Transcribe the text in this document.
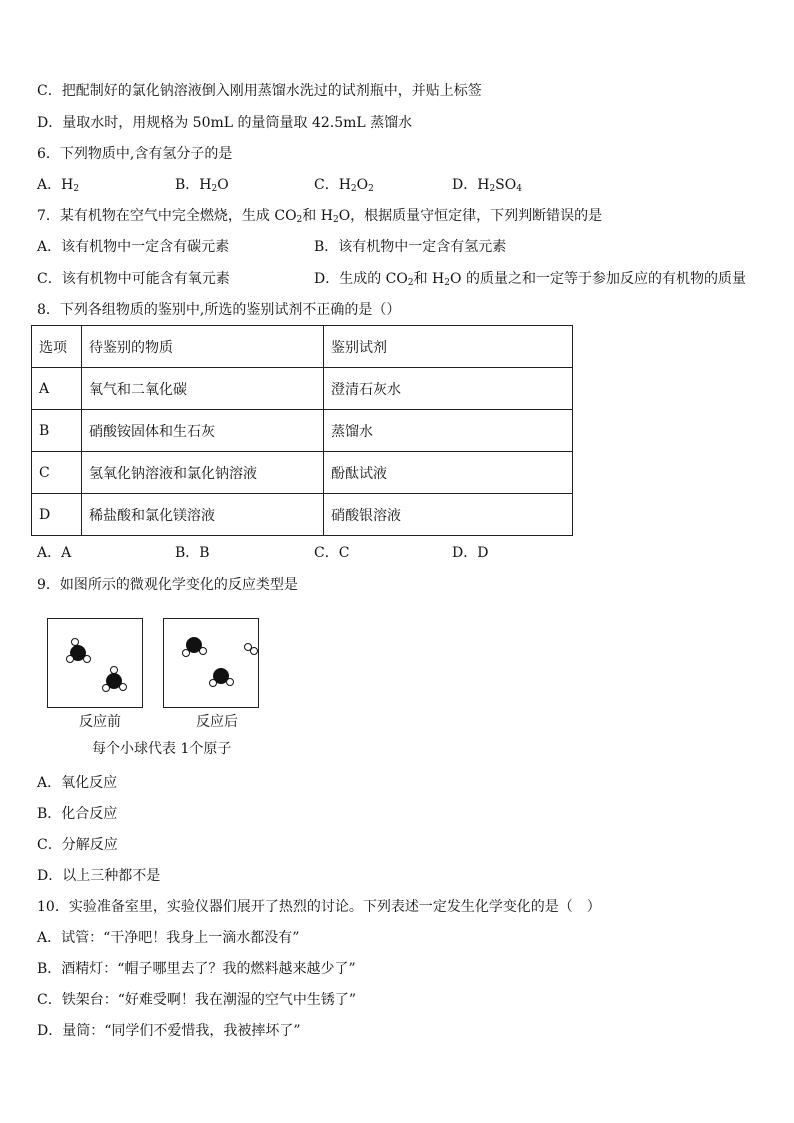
C．把配制好的氯化钠溶液倒入刚用蒸馏水洗过的试剂瓶中，并贴上标签
D．量取水时，用规格为 50mL 的量筒量取 42.5mL 蒸馏水
6．下列物质中,含有氢分子的是
A．$H_2$	B．$H_2O$	C．$H_2O_2$	D．$H_2SO_4$
7．某有机物在空气中完全燃烧，生成 $CO_2$和 $H_2O$，根据质量守恒定律，下列判断错误的是
A．该有机物中一定含有碳元素	B．该有机物中一定含有氢元素
C．该有机物中可能含有氧元素	D．生成的 $CO_2$和 $H_2O$ 的质量之和一定等于参加反应的有机物的质量
8．下列各组物质的鉴别中,所选的鉴别试剂不正确的是（）
选项	待鉴别的物质	鉴别试剂
A	氧气和二氧化碳	澄清石灰水
B	硝酸铵固体和生石灰	蒸馏水
C	氢氧化钠溶液和氯化钠溶液	酚酞试液
D	稀盐酸和氯化镁溶液	硝酸银溶液
A．A	B．B	C．C	D．D
9．如图所示的微观化学变化的反应类型是
反应前	反应后
每个小球代表 1个原子
A．氧化反应
B．化合反应
C．分解反应
D．以上三种都不是
10．实验准备室里，实验仪器们展开了热烈的讨论。下列表述一定发生化学变化的是（　）
A．试管：“干净吧！我身上一滴水都没有”
B．酒精灯：“帽子哪里去了？我的燃料越来越少了”
C．铁架台：“好难受啊！我在潮湿的空气中生锈了”
D．量筒：“同学们不爱惜我，我被摔坏了”
